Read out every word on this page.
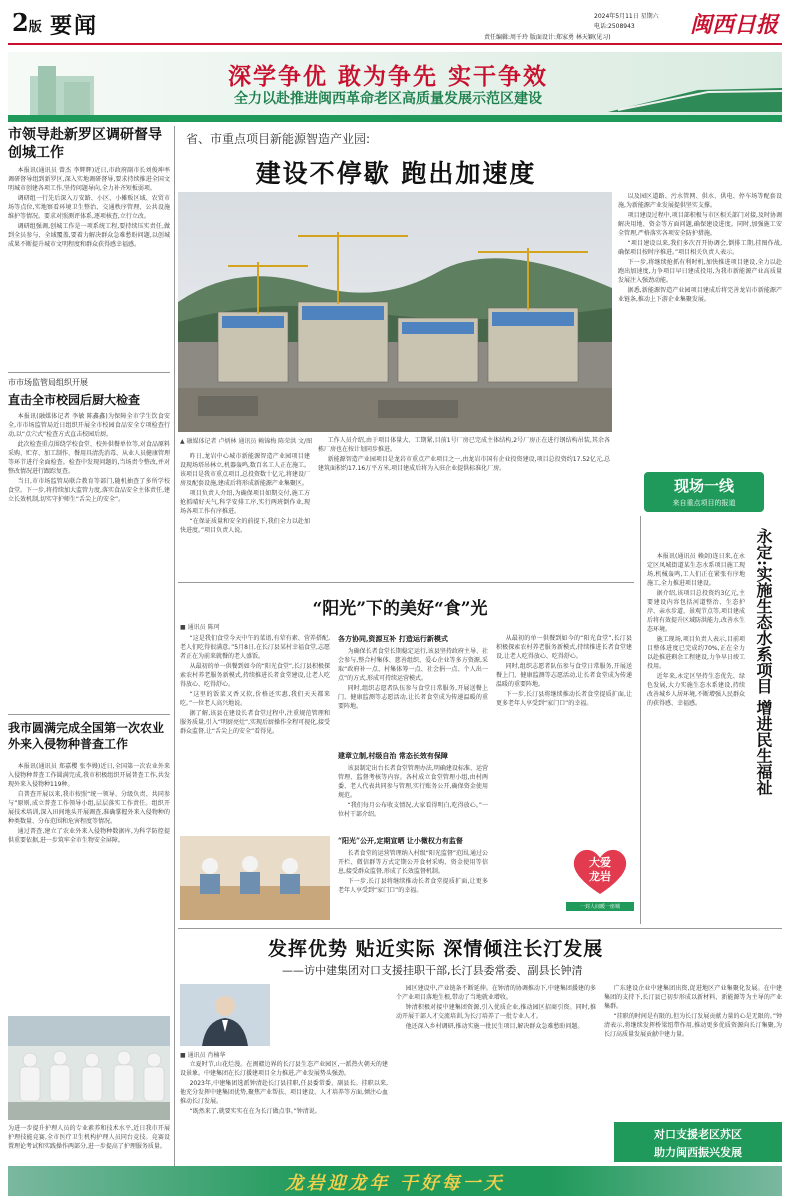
2版 要闻	2024年5月11日 星期六
电话:2508943
责任编辑:周千玲 版面设计:郑家勇 林天颖(见习)	闽西日报
深学争优 敢为争先 实干争效
全力以赴推进闽西革命老区高质量发展示范区建设
市领导赴新罗区调研督导创城工作

本报讯(通讯员 曾杰 李辉辉)近日,市政府副市长刘俊坤率调研督导组到新罗区,深入实地调研督导,要求持续推进全国文明城市创建各项工作,坚持问题导向,全力补齐短板弱项。

调研组一行先后深入万安路、小区、小摊贩区域、农贸市场等点位,实地察看环境卫生整治、交通秩序管理、公共设施维护等情况。要求对照测评体系,逐项核查,立行立改。

调研组强调,创城工作是一项系统工程,要持续压实责任,做到全员参与、全域覆盖,要着力解决群众急难愁盼问题,以创城成果不断提升城市文明程度和群众获得感幸福感。

市市场监管局组织开展
直击全市校园后厨大检查

本报讯(融媒体记者 李敏 陈鑫鑫)为保障全市学生饮食安全,市市场监管局近日组织开展全市校园食品安全专项检查行动,以“点穴式”检查方式直击校园后厨。

此次检查重点围绕学校食堂、校外供餐单位等,对食品原料采购、贮存、加工制作、餐用具清洗消毒、从业人员健康管理等环节进行全面检查。检查中发现问题的,当场责令整改,并对整改情况进行跟踪复查。

当日,市市场监管局联合教育等部门,随机抽查了多所学校食堂。下一步,将持续加大监管力度,落实食品安全主体责任,建立长效机制,切实守护师生“舌尖上的安全”。

我市圆满完成全国第一次农业外来入侵物种普查工作

本报讯(通讯员 郑嘉樱 张李嫚)近日,全国第一次农业外来入侵物种普查工作圆满完成,我市积极组织开展普查工作,共发现外来入侵物种119种。

自普查开展以来,我市按照“统一领导、分级负责、共同参与”原则,成立普查工作领导小组,层层落实工作责任。组织开展技术培训,深入田间地头开展调查,准确掌握外来入侵物种的种类数量、分布范围和危害程度等情况。

通过普查,建立了农业外来入侵物种数据库,为科学防控提供重要依据,进一步筑牢全市生物安全屏障。

为进一步提升护理人员的专业素养和技术水平,近日我市开展护理技能竞赛,全市医疗卫生机构护理人员同台竞技。竞赛设置理论考试和实践操作两部分,进一步提高了护理服务质量。
省、市重点项目新能源智造产业园:
建设不停歇 跑出加速度
▲ 融媒体记者 卢炳林 通讯员 赖锦梅 陈荣洪 文/图

昨日,龙岩中心城市新能源智造产业园项目建设现场塔吊林立,机器轰鸣,数百名工人正在施工。该项目是我市重点项目,总投资数十亿元,将建设厂房及配套设施,建成后将形成新能源产业集聚区。

项目负责人介绍,为确保项目如期交付,施工方抢抓晴好天气,科学安排工序,实行两班倒作业,现场各项工作有序推进。

“在保证质量和安全的前提下,我们全力以赴加快进度。”项目负责人说。

工作人员介绍,由于项目体量大、工期紧,目前1号厂房已完成主体结构,2号厂房正在进行钢结构吊装,其余各栋厂房也在按计划同步推进。

新能源智造产业园项目是龙岩市重点产业项目之一,由龙岩市国有企业投资建设,项目总投资约17.52亿元,总建筑面积约17.16万平方米,项目建成后将为入驻企业提供标准化厂房。

以及园区道路、污水管网、供水、供电、停车场等配套设施,为新能源产业发展提供坚实支撑。

项目建设过程中,项目部积极与市区相关部门对接,及时协调解决用地、资金等方面问题,确保建设进度。同时,加强施工安全管理,严格落实各项安全防护措施。

“项目建设以来,我们多次召开协调会,倒排工期,挂图作战,确保项目按时序推进。”项目相关负责人表示。

下一步,将继续抢抓有利时机,加快推进项目建设,全力以赴跑出加速度,力争项目早日建成投用,为我市新能源产业高质量发展注入强劲动能。

据悉,新能源智造产业园项目建成后将完善龙岩市新能源产业链条,推动上下游企业集聚发展。

现场一线
来自重点项目的报道
“阳光”下的美好“食”光
■ 通讯员 陈珂

“这是我们食堂今天中午的菜谱,有荤有素、营养搭配,老人们吃得很满意。”5月8日,在长汀县某村幸福食堂,志愿者正在为前来就餐的老人盛饭。

从最初的单一供餐到如今的“阳光食堂”,长汀县积极探索农村养老服务新模式,持续推进长者食堂建设,让老人吃得放心、吃得舒心。

“这里的饭菜又香又软,价格还实惠,我们天天都来吃。”一位老人高兴地说。

据了解,该县在建设长者食堂过程中,注重规范管理和服务质量,引入“明厨亮灶”,实现后厨操作全程可视化,接受群众监督,让“舌尖上的安全”看得见。

各方协同,资源互补 打造运行新模式

为确保长者食堂长期稳定运行,该县坚持政府主导、社会参与,整合村集体、慈善组织、爱心企业等多方资源,采取“政府补一点、村集体筹一点、社会捐一点、个人出一点”的方式,形成可持续运营模式。

同时,组织志愿者队伍参与食堂日常服务,开展送餐上门、健康监测等志愿活动,让长者食堂成为传递温暖的重要阵地。

建章立制,村级自治 常态长效有保障

该县制定出台长者食堂管理办法,明确建设标准、运营管理、监督考核等内容。各村成立食堂管理小组,由村两委、老人代表共同参与管理,实行账务公开,确保资金使用规范。

“我们每月公布收支情况,大家看得明白,吃得放心。”一位村干部介绍。

“阳光”公开,定期宣晒 让小微权力有监督

长者食堂的运营管理纳入村级“阳光监督”范围,通过公开栏、微信群等方式定期公开食材采购、资金使用等信息,接受群众监督,形成了长效监督机制。

下一步,长汀县将继续推动长者食堂提质扩面,让更多老年人享受到“家门口”的幸福。

从最初的单一供餐到如今的“阳光食堂”,长汀县积极探索农村养老服务新模式,持续推进长者食堂建设,让老人吃得放心、吃得舒心。

同时,组织志愿者队伍参与食堂日常服务,开展送餐上门、健康监测等志愿活动,让长者食堂成为传递温暖的重要阵地。

下一步,长汀县将继续推动长者食堂提质扩面,让更多老年人享受到“家门口”的幸福。

大爱
龙岩
一封人间暖一座城

本报讯(通讯员 赖剑)连日来,在永定区凤城街道某生态水系项目施工现场,机械轰鸣,工人们正在紧张有序地施工,全力推进项目建设。

据介绍,该项目总投资约3亿元,主要建设内容包括河道整治、生态护岸、亲水步道、景观节点等,项目建成后将有效提升区域防洪能力,改善水生态环境。

施工现场,项目负责人表示,目前项目整体进度已完成约70%,正在全力以赴推进剩余工程建设,力争早日竣工投用。

近年来,永定区坚持生态优先、绿色发展,大力实施生态水系建设,持续改善城乡人居环境,不断增强人民群众的获得感、幸福感。	永定:实施生态水系项目 增进民生福祉
发挥优势 贴近实际 深情倾注长汀发展
——访中建集团对口支援挂职干部,长汀县委常委、副县长钟清
■ 通讯员 肖楠华

立夏时节,山花烂漫。在闽赣边界的长汀县生态产业园区,一派热火朝天的建设景象。中建集团在长汀援建项目全力推进,产业发展势头强劲。

2023年,中建集团选派钟清赴长汀县挂职,任县委常委、副县长。挂职以来,他充分发挥中建集团优势,聚焦产业帮扶、项目建设、人才培养等方面,倾注心血推动长汀发展。

“既然来了,就要实实在在为长汀做点事。”钟清说。

园区建设中,产业链条不断延伸。在钟清的协调推动下,中建集团援建的多个产业项目落地生根,带动了当地就业增收。

钟清积极对接中建集团资源,引入优质企业,推动园区招商引资。同时,推动开展干部人才交流培训,为长汀培养了一批专业人才。

他还深入乡村调研,推动实施一批民生项目,解决群众急难愁盼问题。

广东建设企业中建集团出资,促进地区产业集聚化发展。在中建集团的支持下,长汀县已初步形成以新材料、新能源等为主导的产业集群。

“挂职的时间是有限的,但为长汀发展贡献力量的心是无限的。”钟清表示,将继续发挥桥梁纽带作用,推动更多优质资源向长汀集聚,为长汀高质量发展贡献中建力量。

对口支援老区苏区
助力闽西振兴发展
龙岩迎龙年 干好每一天
